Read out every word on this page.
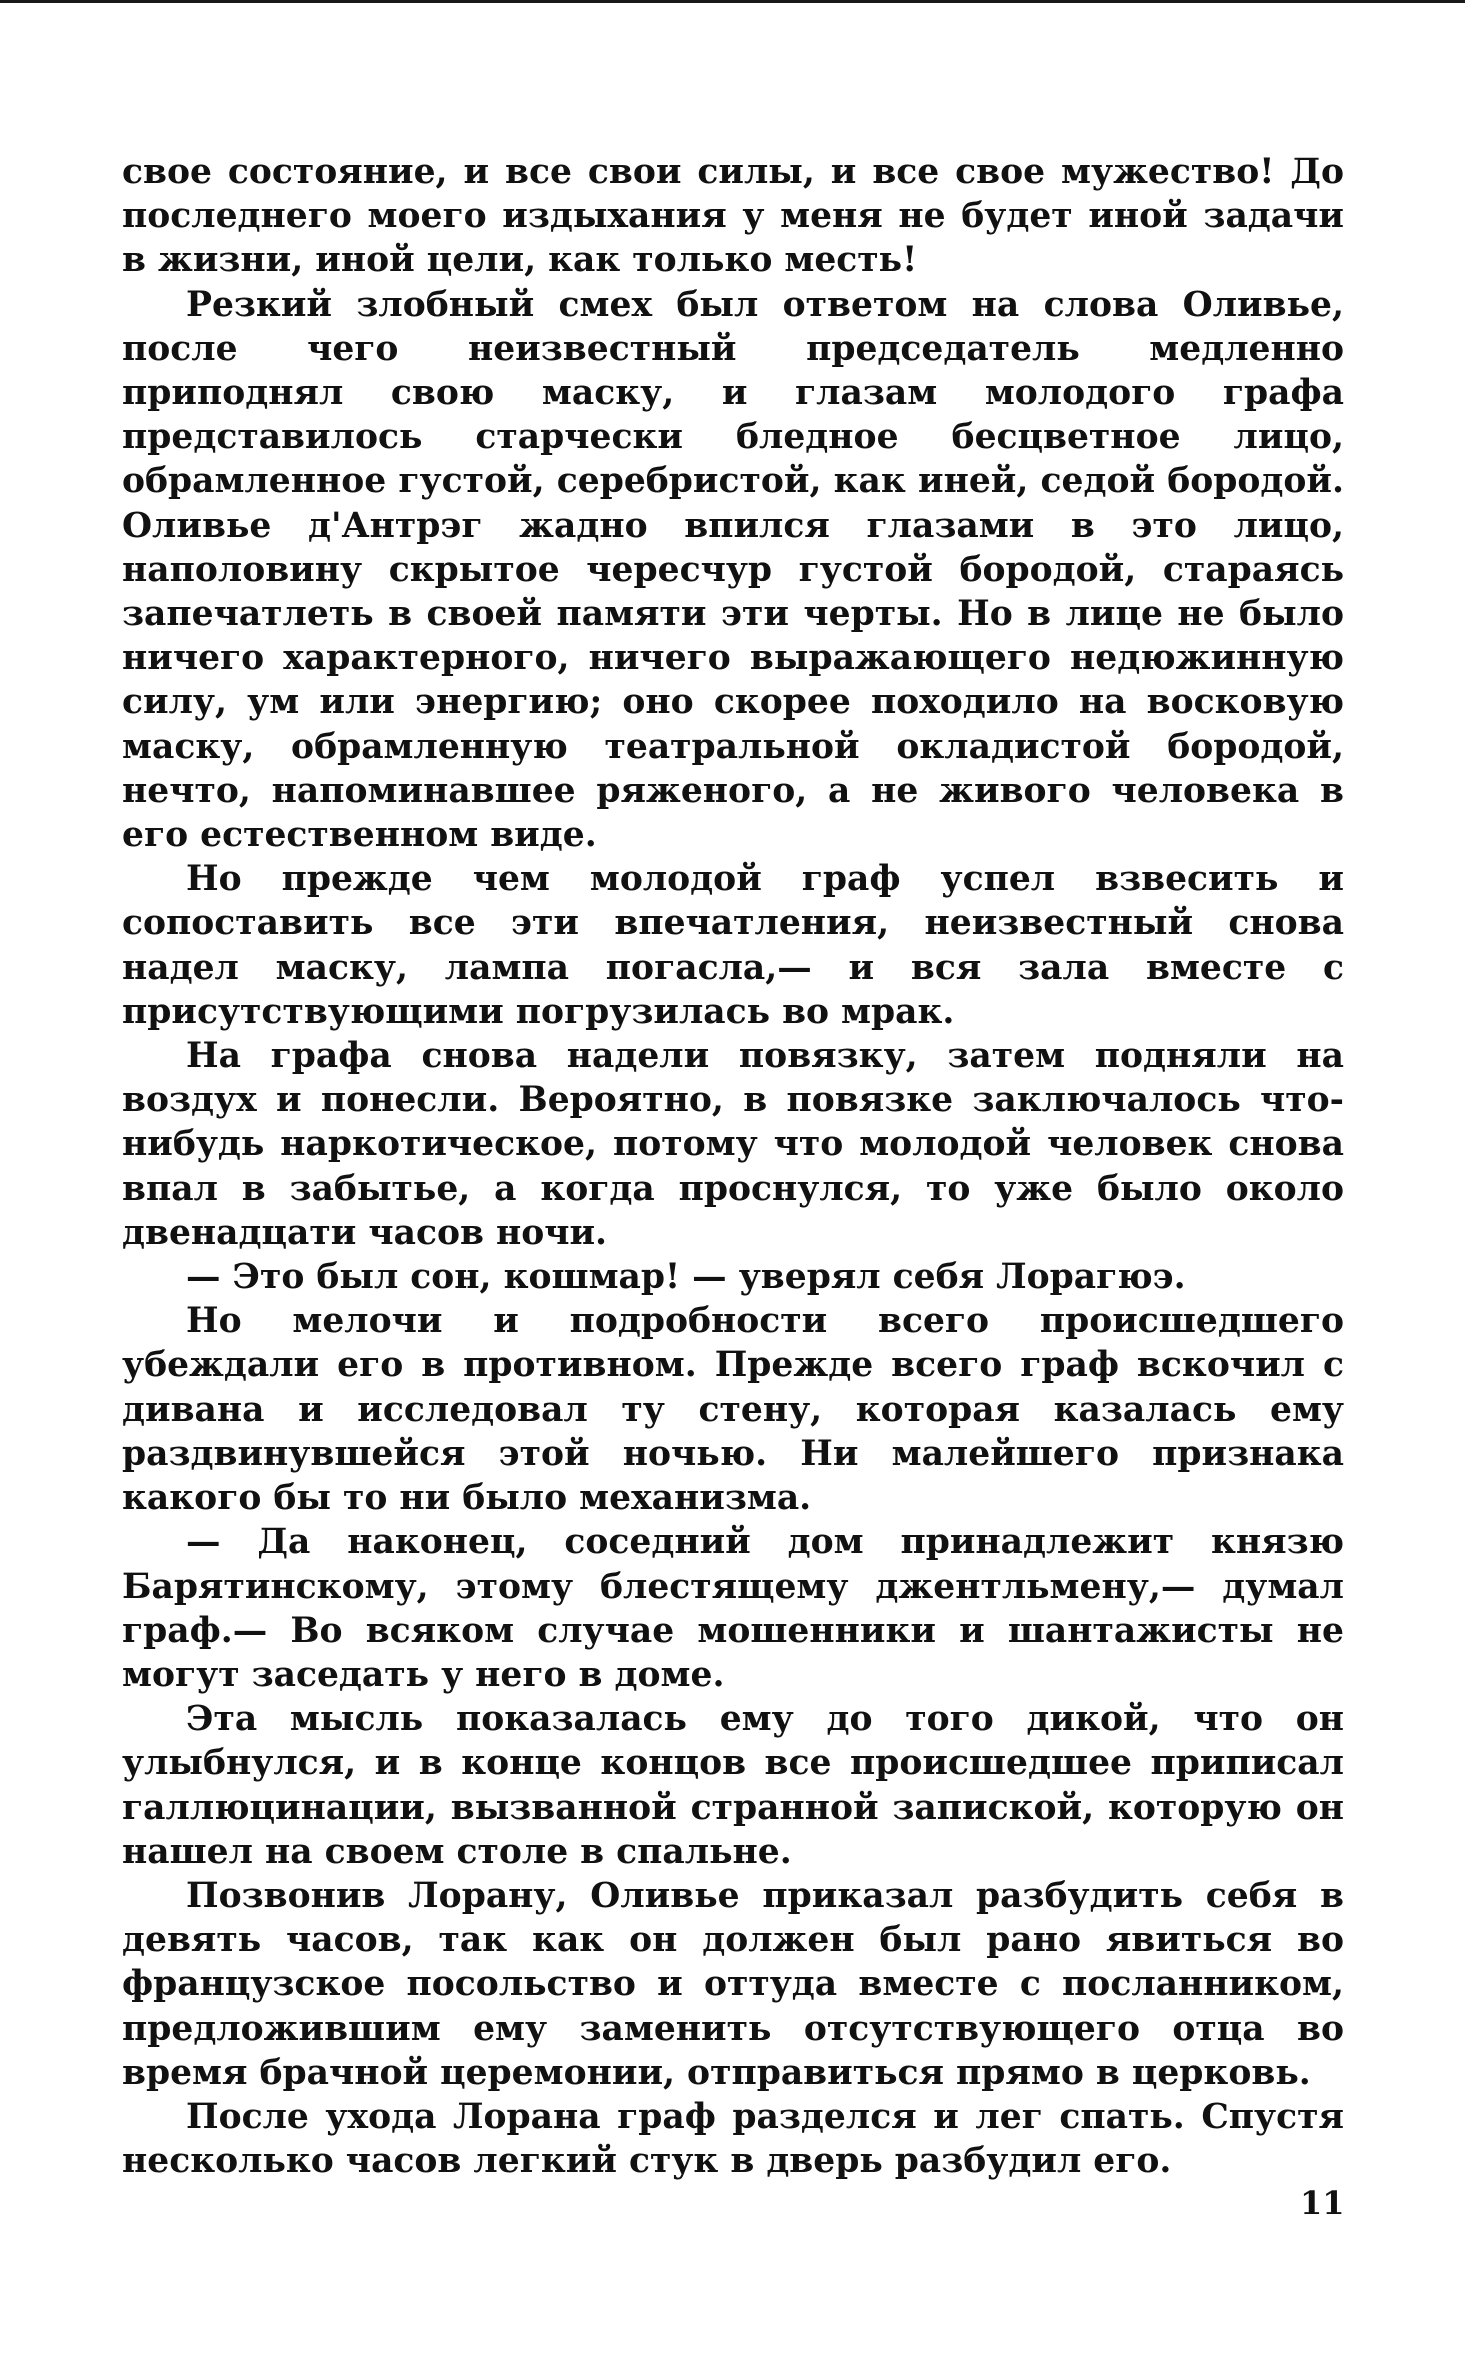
свое состояние, и все свои силы, и все свое мужество! До последнего моего издыхания у меня не будет иной задачи в жизни, иной цели, как только месть!

Резкий злобный смех был ответом на слова Оливье, после чего неизвестный председатель медленно приподнял свою маску, и глазам молодого графа представилось старчески бледное бесцветное лицо, обрамленное густой, серебристой, как иней, седой бородой. Оливье д'Антрэг жадно впился глазами в это лицо, наполовину скрытое чересчур густой бородой, стараясь запечатлеть в своей памяти эти черты. Но в лице не было ничего характерного, ничего выражающего недюжинную силу, ум или энергию; оно скорее походило на восковую маску, обрамленную театральной окладистой бородой, нечто, напоминавшее ряженого, а не живого человека в его естественном виде.

Но прежде чем молодой граф успел взвесить и сопоставить все эти впечатления, неизвестный снова надел маску, лампа погасла,— и вся зала вместе с присутствующими погрузилась во мрак.

На графа снова надели повязку, затем подняли на воздух и понесли. Вероятно, в повязке заключалось что-нибудь наркотическое, потому что молодой человек снова впал в забытье, а когда проснулся, то уже было около двенадцати часов ночи.

— Это был сон, кошмар! — уверял себя Лорагюэ.

Но мелочи и подробности всего происшедшего убеждали его в противном. Прежде всего граф вскочил с дивана и исследовал ту стену, которая казалась ему раздвинувшейся этой ночью. Ни малейшего признака какого бы то ни было механизма.

— Да наконец, соседний дом принадлежит князю Барятинскому, этому блестящему джентльмену,— думал граф.— Во всяком случае мошенники и шантажисты не могут заседать у него в доме.

Эта мысль показалась ему до того дикой, что он улыбнулся, и в конце концов все происшедшее приписал галлюцинации, вызванной странной запиской, которую он нашел на своем столе в спальне.

Позвонив Лорану, Оливье приказал разбудить себя в девять часов, так как он должен был рано явиться во французское посольство и оттуда вместе с посланником, предложившим ему заменить отсутствующего отца во время брачной церемонии, отправиться прямо в церковь.

После ухода Лорана граф разделся и лег спать. Спустя несколько часов легкий стук в дверь разбудил его.

11
